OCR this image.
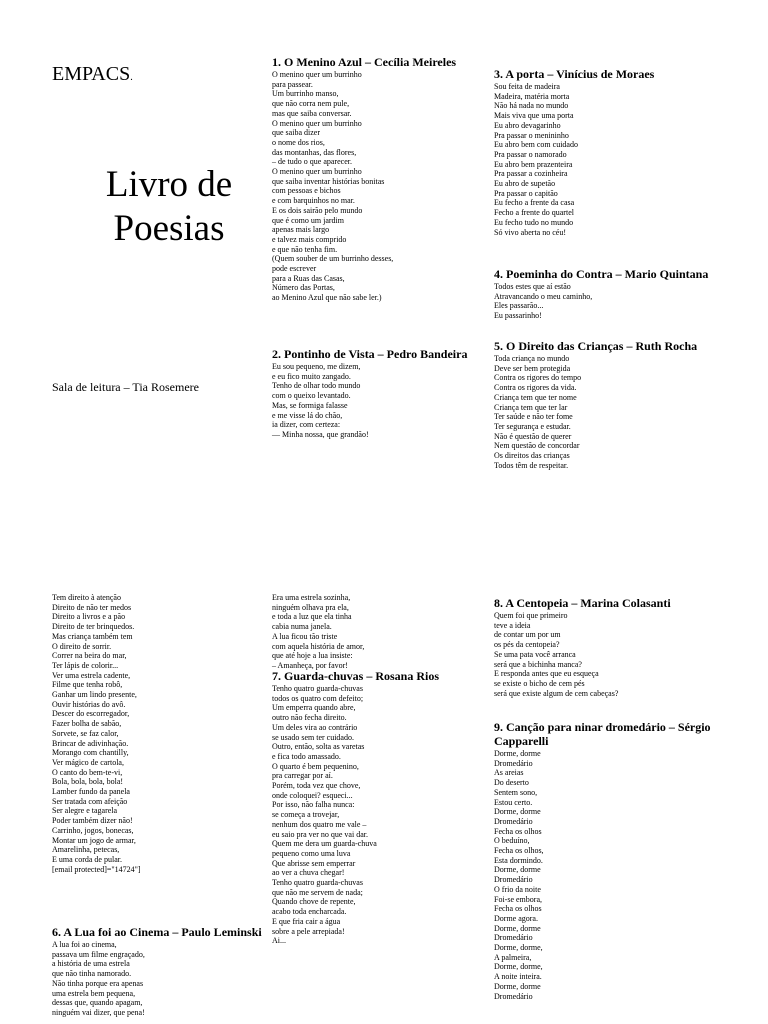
EMPACS.
Livro de
Poesias
Sala de leitura – Tia Rosemere
1. O Menino Azul – Cecília Meireles
O menino quer um burrinho
para passear.
Um burrinho manso,
que não corra nem pule,
mas que saiba conversar.
O menino quer um burrinho
que saiba dizer
o nome dos rios,
das montanhas, das flores,
– de tudo o que aparecer.
O menino quer um burrinho
que saiba inventar histórias bonitas
com pessoas e bichos
e com barquinhos no mar.
E os dois sairão pelo mundo
que é como um jardim
apenas mais largo
e talvez mais comprido
e que não tenha fim.
(Quem souber de um burrinho desses,
pode escrever
para a Ruas das Casas,
Número das Portas,
ao Menino Azul que não sabe ler.)
2. Pontinho de Vista – Pedro Bandeira
Eu sou pequeno, me dizem,
e eu fico muito zangado.
Tenho de olhar todo mundo
com o queixo levantado.
Mas, se formiga falasse
e me visse lá do chão,
ia dizer, com certeza:
— Minha nossa, que grandão!
3. A porta – Vinícius de Moraes
Sou feita de madeira
Madeira, matéria morta
Não há nada no mundo
Mais viva que uma porta
Eu abro devagarinho
Pra passar o menininho
Eu abro bem com cuidado
Pra passar o namorado
Eu abro bem prazenteira
Pra passar a cozinheira
Eu abro de supetão
Pra passar o capitão
Eu fecho a frente da casa
Fecho a frente do quartel
Eu fecho tudo no mundo
Só vivo aberta no céu!
4. Poeminha do Contra – Mario Quintana
Todos estes que aí estão
Atravancando o meu caminho,
Eles passarão...
Eu passarinho!
5. O Direito das Crianças – Ruth Rocha
Toda criança no mundo
Deve ser bem protegida
Contra os rigores do tempo
Contra os rigores da vida.
Criança tem que ter nome
Criança tem que ter lar
Ter saúde e não ter fome
Ter segurança e estudar.
Não é questão de querer
Nem questão de concordar
Os direitos das crianças
Todos têm de respeitar.
Tem direito à atenção
Direito de não ter medos
Direito a livros e a pão
Direito de ter brinquedos.
Mas criança também tem
O direito de sorrir.
Correr na beira do mar,
Ter lápis de colorir...
Ver uma estrela cadente,
Filme que tenha robô,
Ganhar um lindo presente,
Ouvir histórias do avô.
Descer do escorregador,
Fazer bolha de sabão,
Sorvete, se faz calor,
Brincar de adivinhação.
Morango com chantilly,
Ver mágico de cartola,
O canto do bem-te-vi,
Bola, bola, bola, bola!
Lamber fundo da panela
Ser tratada com afeição
Ser alegre e tagarela
Poder também dizer não!
Carrinho, jogos, bonecas,
Montar um jogo de armar,
Amarelinha, petecas,
E uma corda de pular.
[email protected]="14724"]
6. A Lua foi ao Cinema – Paulo Leminski
A lua foi ao cinema,
passava um filme engraçado,
a história de uma estrela
que não tinha namorado.
Não tinha porque era apenas
uma estrela bem pequena,
dessas que, quando apagam,
ninguém vai dizer, que pena!
Era uma estrela sozinha,
ninguém olhava pra ela,
e toda a luz que ela tinha
cabia numa janela.
A lua ficou tão triste
com aquela história de amor,
que até hoje a lua insiste:
– Amanheça, por favor!
7. Guarda-chuvas – Rosana Rios
Tenho quatro guarda-chuvas
todos os quatro com defeito;
Um emperra quando abre,
outro não fecha direito.
Um deles vira ao contrário
se usado sem ter cuidado.
Outro, então, solta as varetas
e fica todo amassado.
O quarto é bem pequenino,
pra carregar por aí.
Porém, toda vez que chove,
onde coloquei? esqueci...
Por isso, não falha nunca:
se começa a trovejar,
nenhum dos quatro me vale –
eu saio pra ver no que vai dar.
Quem me dera um guarda-chuva
pequeno como uma luva
Que abrisse sem emperrar
ao ver a chuva chegar!
Tenho quatro guarda-chuvas
que não me servem de nada;
Quando chove de repente,
acabo toda encharcada.
E que fria cair a água
sobre a pele arrepiada!
Ai...
8. A Centopeia – Marina Colasanti
Quem foi que primeiro
teve a ideia
de contar um por um
os pés da centopeia?
Se uma pata você arranca
será que a bichinha manca?
E responda antes que eu esqueça
se existe o bicho de cem pés
será que existe algum de cem cabeças?
9. Canção para ninar dromedário – Sérgio Capparelli
Dorme, dorme
Dromedário
As areias
Do deserto
Sentem sono,
Estou certo.
Dorme, dorme
Dromedário
Fecha os olhos
O beduíno,
Fecha os olhos,
Esta dormindo.
Dorme, dorme
Dromedário
O frio da noite
Foi-se embora,
Fecha os olhos
Dorme agora.
Dorme, dorme
Dromedário
Dorme, dorme,
A palmeira,
Dorme, dorme,
A noite inteira.
Dorme, dorme
Dromedário
